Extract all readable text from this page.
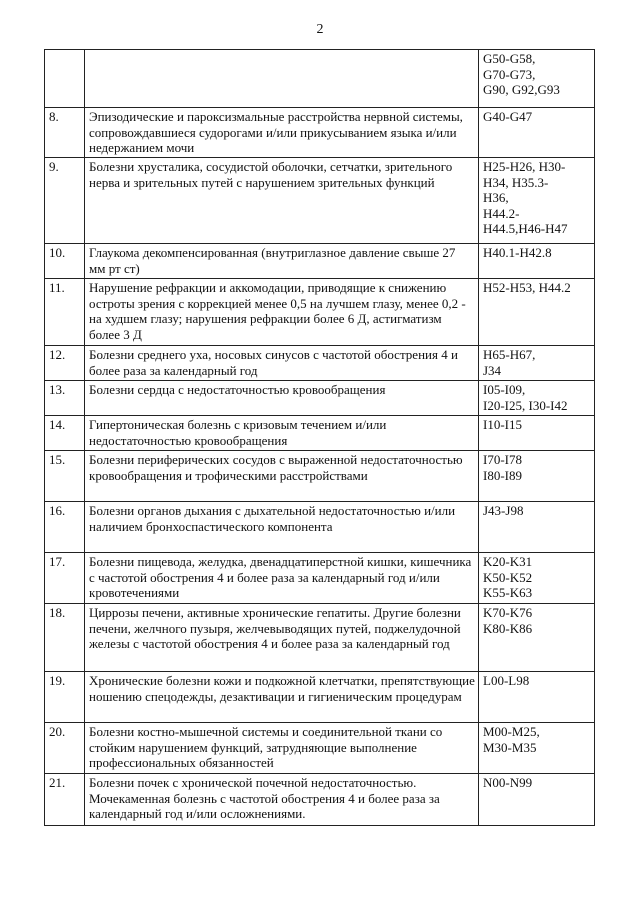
2

		G50-G58,
G70-G73,
G90, G92,G93

8.	Эпизодические и пароксизмальные расстройства нервной системы, сопровождавшиеся судорогами и/или прикусыванием языка и/или недержанием мочи	G40-G47

9.	Болезни хрусталика, сосудистой оболочки, сетчатки, зрительного нерва и зрительных путей с нарушением зрительных функций	H25-H26, H30-
H34, H35.3-
H36,
H44.2-
H44.5,H46-H47

10.	Глаукома декомпенсированная (внутриглазное давление свыше 27 мм рт ст)	H40.1-H42.8

11.	Нарушение рефракции и аккомодации, приводящие к снижению остроты зрения с коррекцией менее 0,5 на лучшем глазу, менее 0,2 - на худшем глазу; нарушения рефракции более 6 Д, астигматизм более 3 Д	H52-H53, H44.2

12.	Болезни среднего уха, носовых синусов с частотой обострения 4 и более раза за календарный год	H65-H67,
J34

13.	Болезни сердца с недостаточностью кровообращения	I05-I09,
I20-I25, I30-I42

14.	Гипертоническая болезнь с кризовым течением и/или недостаточностью кровообращения	I10-I15

15.	Болезни периферических сосудов с выраженной недостаточностью кровообращения и трофическими расстройствами	I70-I78
I80-I89

16.	Болезни органов дыхания с дыхательной недостаточностью и/или наличием бронхоспастического компонента	J43-J98

17.	Болезни пищевода, желудка, двенадцатиперстной кишки, кишечника с частотой обострения 4 и более раза за календарный год и/или кровотечениями	K20-K31
K50-K52
K55-K63

18.	Циррозы печени, активные хронические гепатиты. Другие болезни печени, желчного пузыря, желчевыводящих путей, поджелудочной железы с частотой обострения 4 и более раза за календарный год	K70-K76
K80-K86

19.	Хронические болезни кожи и подкожной клетчатки, препятствующие ношению спецодежды, дезактивации и гигиеническим процедурам	L00-L98

20.	Болезни костно-мышечной системы и соединительной ткани со стойким нарушением функций, затрудняющие выполнение профессиональных обязанностей	M00-M25,
M30-M35

21.	Болезни почек с хронической почечной недостаточностью. Мочекаменная болезнь с частотой обострения 4 и более раза за календарный год и/или осложнениями.	N00-N99
